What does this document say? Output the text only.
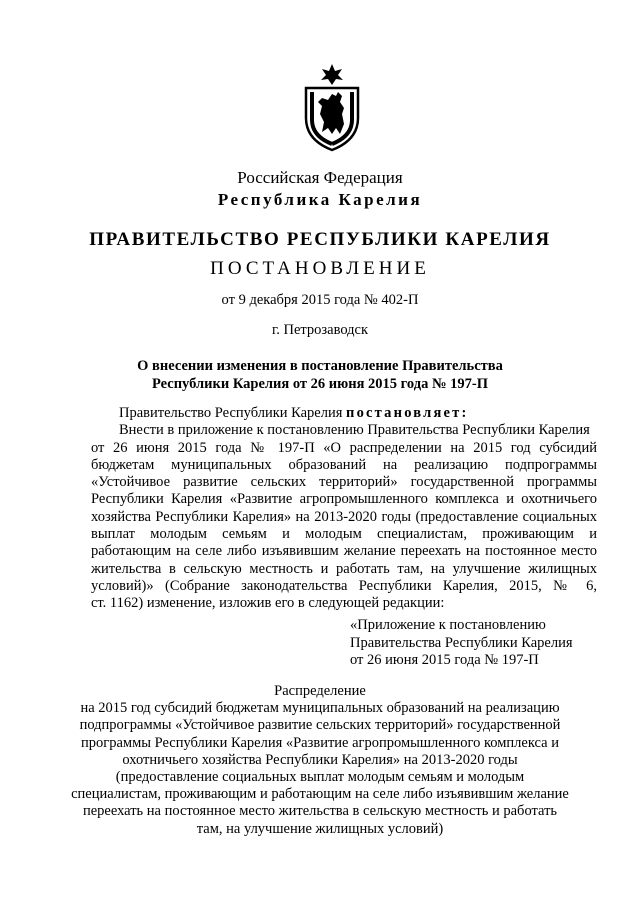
Российская Федерация
Республика Карелия
ПРАВИТЕЛЬСТВО РЕСПУБЛИКИ КАРЕЛИЯ
ПОСТАНОВЛЕНИЕ
от 9 декабря 2015 года № 402-П
г. Петрозаводск
О внесении изменения в постановление Правительства
Республики Карелия от 26 июня 2015 года № 197-П
Правительство Республики Карелия постановляет:
Внести в приложение к постановлению Правительства Республики Карелия
от 26 июня 2015 года № 197-П «О распределении на 2015 год субсидий
бюджетам муниципальных образований на реализацию подпрограммы
«Устойчивое развитие сельских территорий» государственной программы
Республики Карелия «Развитие агропромышленного комплекса и охотничьего
хозяйства Республики Карелия» на 2013-2020 годы (предоставление социальных
выплат молодым семьям и молодым специалистам, проживающим и
работающим на селе либо изъявившим желание переехать на постоянное место
жительства в сельскую местность и работать там, на улучшение жилищных
условий)» (Собрание законодательства Республики Карелия, 2015, № 6,
ст. 1162) изменение, изложив его в следующей редакции:
«Приложение к постановлению
Правительства Республики Карелия
от 26 июня 2015 года № 197-П
Распределение
на 2015 год субсидий бюджетам муниципальных образований на реализацию
подпрограммы «Устойчивое развитие сельских территорий» государственной
программы Республики Карелия «Развитие агропромышленного комплекса и
охотничьего хозяйства Республики Карелия» на 2013-2020 годы
(предоставление социальных выплат молодым семьям и молодым
специалистам, проживающим и работающим на селе либо изъявившим желание
переехать на постоянное место жительства в сельскую местность и работать
там, на улучшение жилищных условий)
